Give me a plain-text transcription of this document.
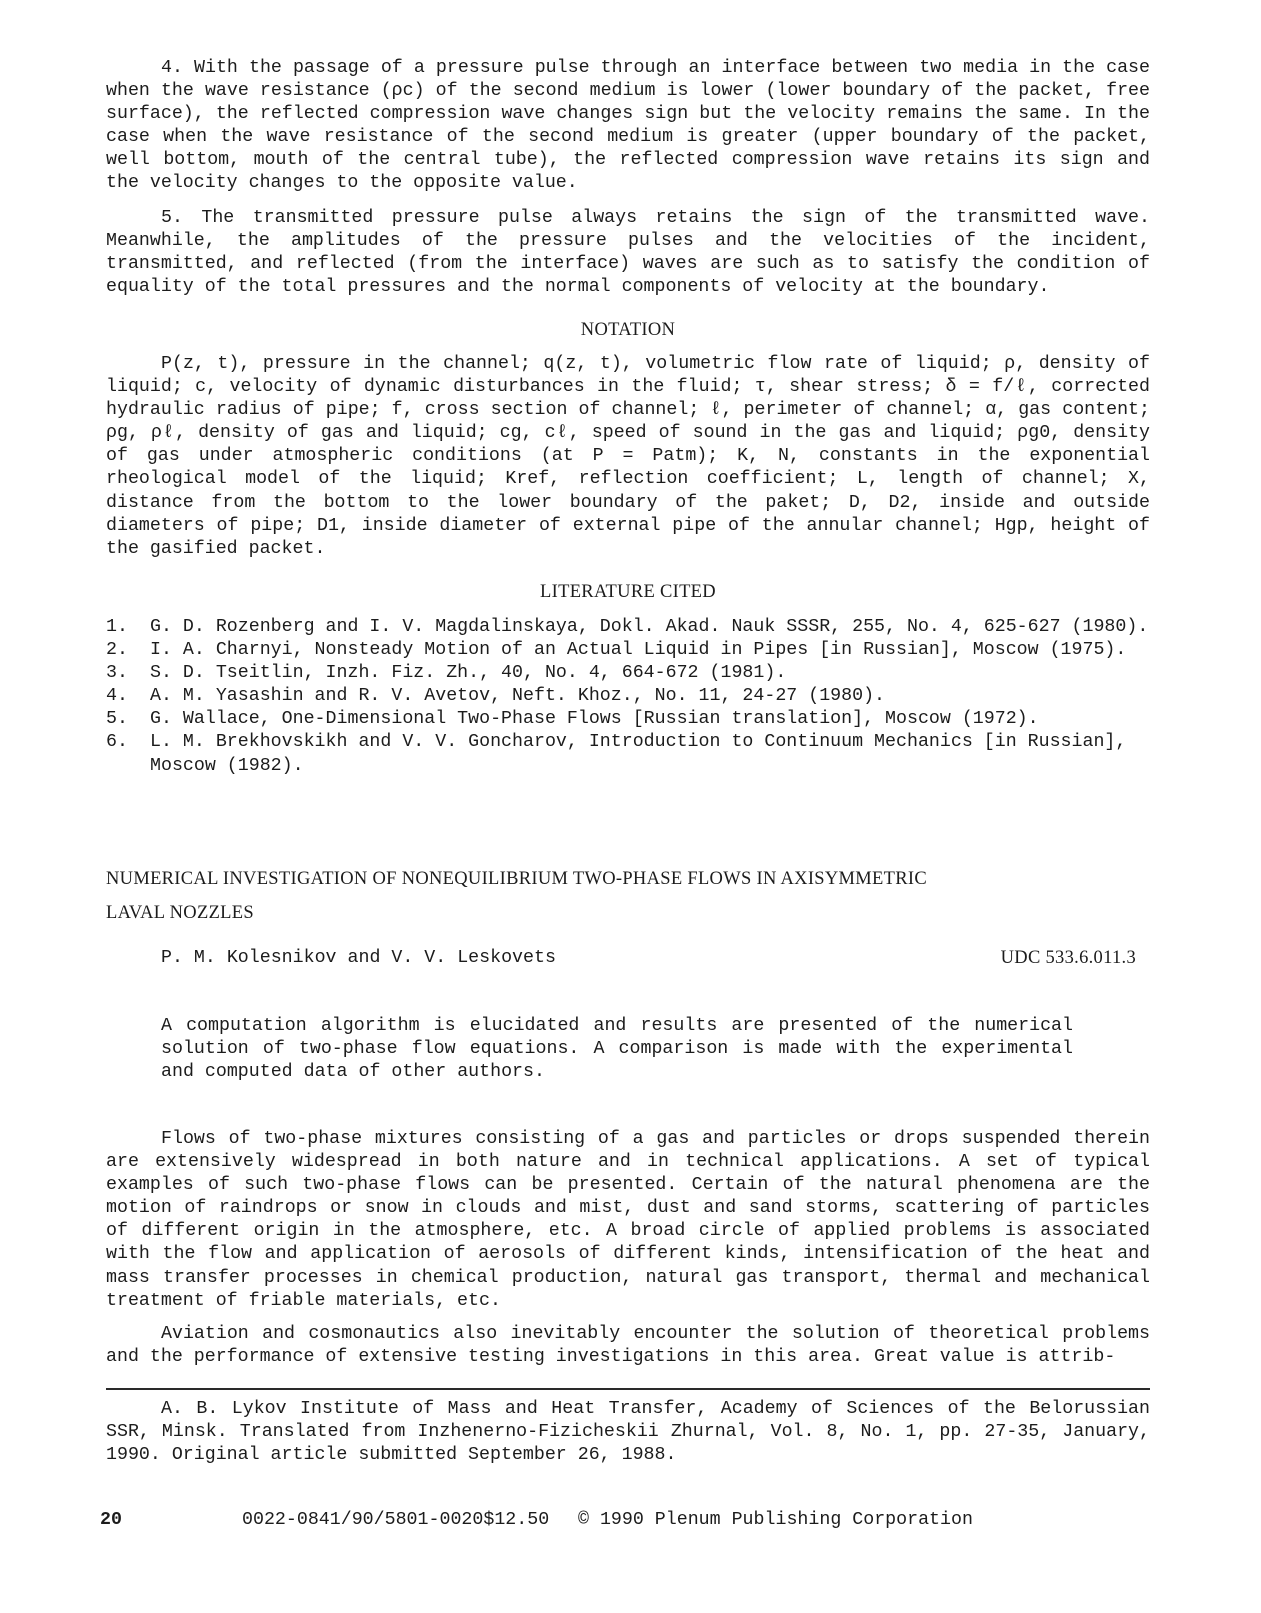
4. With the passage of a pressure pulse through an interface between two media in the case when the wave resistance (ρc) of the second medium is lower (lower boundary of the packet, free surface), the reflected compression wave changes sign but the velocity remains the same. In the case when the wave resistance of the second medium is greater (upper boundary of the packet, well bottom, mouth of the central tube), the reflected compression wave retains its sign and the velocity changes to the opposite value.

5. The transmitted pressure pulse always retains the sign of the transmitted wave. Meanwhile, the amplitudes of the pressure pulses and the velocities of the incident, transmitted, and reflected (from the interface) waves are such as to satisfy the condition of equality of the total pressures and the normal components of velocity at the boundary.

NOTATION

P(z, t), pressure in the channel; q(z, t), volumetric flow rate of liquid; ρ, density of liquid; c, velocity of dynamic disturbances in the fluid; τ, shear stress; δ = f/ℓ, corrected hydraulic radius of pipe; f, cross section of channel; ℓ, perimeter of channel; α, gas content; ρg, ρℓ, density of gas and liquid; cg, cℓ, speed of sound in the gas and liquid; ρg0, density of gas under atmospheric conditions (at P = Patm); K, N, constants in the exponential rheological model of the liquid; Kref, reflection coefficient; L, length of channel; X, distance from the bottom to the lower boundary of the paket; D, D2, inside and outside diameters of pipe; D1, inside diameter of external pipe of the annular channel; Hgp, height of the gasified packet.

LITERATURE CITED
1.	G. D. Rozenberg and I. V. Magdalinskaya, Dokl. Akad. Nauk SSSR, 255, No. 4, 625-627 (1980).
2.	I. A. Charnyi, Nonsteady Motion of an Actual Liquid in Pipes [in Russian], Moscow (1975).
3.	S. D. Tseitlin, Inzh. Fiz. Zh., 40, No. 4, 664-672 (1981).
4.	A. M. Yasashin and R. V. Avetov, Neft. Khoz., No. 11, 24-27 (1980).
5.	G. Wallace, One-Dimensional Two-Phase Flows [Russian translation], Moscow (1972).
6.	L. M. Brekhovskikh and V. V. Goncharov, Introduction to Continuum Mechanics [in Russian], Moscow (1982).
NUMERICAL INVESTIGATION OF NONEQUILIBRIUM TWO-PHASE FLOWS IN AXISYMMETRIC
LAVAL NOZZLES
P. M. Kolesnikov and V. V. Leskovets	UDC 533.6.011.3

A computation algorithm is elucidated and results are presented of the numerical solution of two-phase flow equations. A comparison is made with the experimental and computed data of other authors.

Flows of two-phase mixtures consisting of a gas and particles or drops suspended therein are extensively widespread in both nature and in technical applications. A set of typical examples of such two-phase flows can be presented. Certain of the natural phenomena are the motion of raindrops or snow in clouds and mist, dust and sand storms, scattering of particles of different origin in the atmosphere, etc. A broad circle of applied problems is associated with the flow and application of aerosols of different kinds, intensification of the heat and mass transfer processes in chemical production, natural gas transport, thermal and mechanical treatment of friable materials, etc.

Aviation and cosmonautics also inevitably encounter the solution of theoretical problems and the performance of extensive testing investigations in this area. Great value is attrib-

A. B. Lykov Institute of Mass and Heat Transfer, Academy of Sciences of the Belorussian SSR, Minsk. Translated from Inzhenerno-Fizicheskii Zhurnal, Vol. 8, No. 1, pp. 27-35, January, 1990. Original article submitted September 26, 1988.

20	0022-0841/90/5801-0020$12.50 © 1990 Plenum Publishing Corporation
